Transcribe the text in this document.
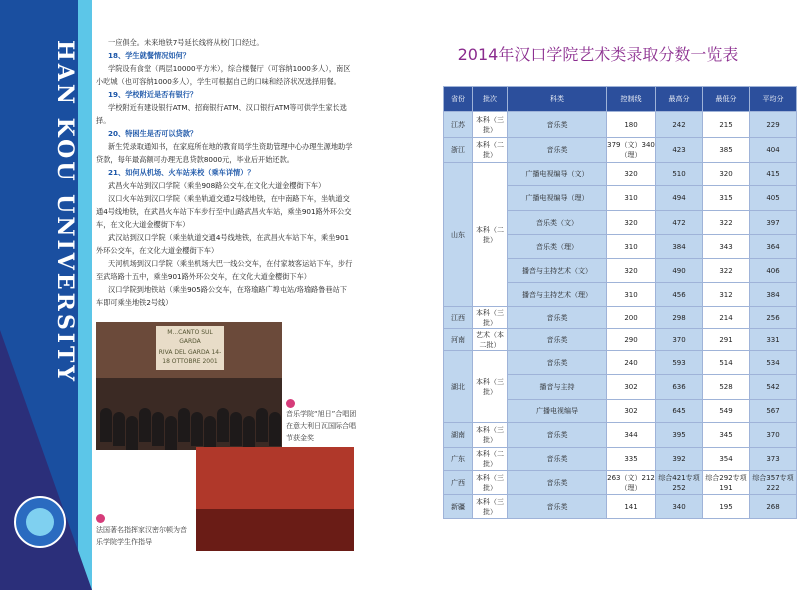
HAN KOU UNIVERSITY	一应俱全。未来地铁7号延长线将从校门口经过。

18、学生就餐情况如何？

学院设有食堂（两层10000平方米），综合楼餐厅（可容纳1000多人），南区小吃城（也可容纳1000多人），学生可根据自己的口味和经济状况选择用餐。

19、学校附近是否有银行？

学校附近有建设银行ATM、招商银行ATM、汉口银行ATM等可供学生家长选择。

20、特困生是否可以贷款？

新生凭录取通知书，在家庭所在地的教育局学生资助管理中心办理生源地助学贷款，每年最高额可办理无息贷款8000元，毕业后开始还款。

21、如何从机场、火车站来校（乘车详情）？

武昌火车站到汉口学院（乘坐908路公交车,在文化大道金樱街下车）

汉口火车站到汉口学院（乘坐轨道交通2号线地铁，在中南路下车，坐轨道交通4号线地铁，在武昌火车站下车步行至中山路武昌火车站，乘坐901路外环公交车，在文化大道金樱街下车）

武汉站到汉口学院（乘坐轨道交通4号线地铁，在武昌火车站下车，乘坐901外环公交车，在文化大道金樱街下车）

天河机场到汉口学院（乘坐机场大巴一线公交车，在付家坡客运站下车，步行至武珞路十五中，乘坐901路外环公交车，在文化大道金樱街下车）

汉口学院到地铁站（乘坐905路公交车，在珞瑜路广埠屯站/珞瑜路鲁巷站下车即可乘坐地铁2号线）

M...CANTO SUL GARDA
RIVA DEL GARDA 14-18 OTTOBRE 2001
音乐学院“旭日”合唱团在意大利日瓦国际合唱节获金奖
法国著名指挥家汉密尔顿为音乐学院学生作指导
2014年汉口学院艺术类录取分数一览表
省份	批次	科类	控制线	最高分	最低分	平均分
江苏	本科（三批）	音乐类	180	242	215	229
浙江	本科（二批）	音乐类	379（文）340（理）	423	385	404
山东	本科（二批）	广播电视编导（文）	320	510	320	415
		广播电视编导（理）	310	494	315	405
		音乐类（文）	320	472	322	397
		音乐类（理）	310	384	343	364
		播音与主持艺术（文）	320	490	322	406
		播音与主持艺术（理）	310	456	312	384
江西	本科（三批）	音乐类	200	298	214	256
河南	艺术（本二批）	音乐类	290	370	291	331
湖北	本科（三批）	音乐类	240	593	514	534
		播音与主持	302	636	528	542
		广播电视编导	302	645	549	567
湖南	本科（三批）	音乐类	344	395	345	370
广东	本科（二批）	音乐类	335	392	354	373
广西	本科（三批）	音乐类	263（文）212（理）	综合421专项252	综合292专项191	综合357专项222
新疆	本科（三批）	音乐类	141	340	195	268
